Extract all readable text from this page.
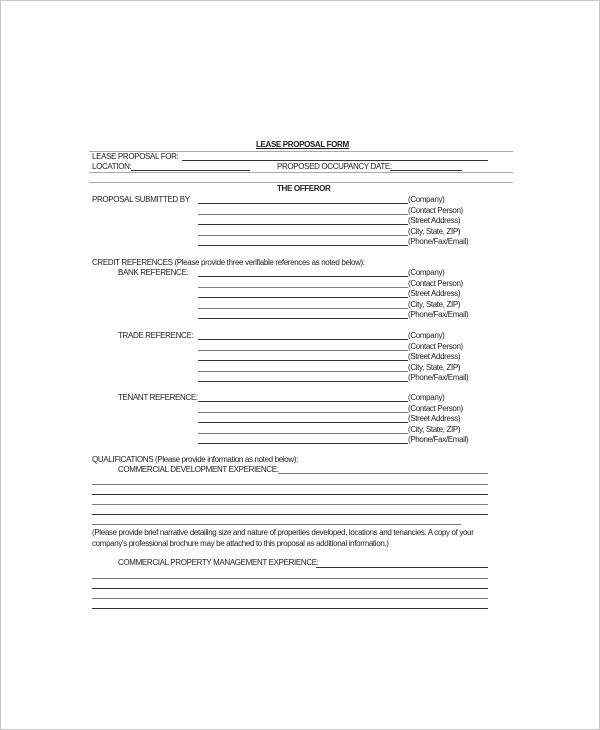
LEASE PROPOSAL FORM
LEASE PROPOSAL FOR:
LOCATION:	PROPOSED OCCUPANCY DATE:
THE OFFEROR
PROPOSAL SUBMITTED BY	(Company)
(Contact Person)
(Street Address)
(City, State, ZIP)
(Phone/Fax/Email)
CREDIT REFERENCES (Please provide three verifiable references as noted below):
BANK REFERENCE:	(Company)
(Contact Person)
(Street Address)
(City, State, ZIP)
(Phone/Fax/Email)
TRADE REFERENCE:	(Company)
(Contact Person)
(Street Address)
(City, State, ZIP)
(Phone/Fax/Email)
TENANT REFERENCE:	(Company)
(Contact Person)
(Street Address)
(City, State, ZIP)
(Phone/Fax/Email)
QUALIFICATIONS (Please provide information as noted below):
COMMERCIAL DEVELOPMENT EXPERIENCE:
(Please provide brief narrative detailing size and nature of properties developed, locations and tenancies. A copy of your
company's professional brochure may be attached to this proposal as additional information.)
COMMERCIAL PROPERTY MANAGEMENT EXPERIENCE:
